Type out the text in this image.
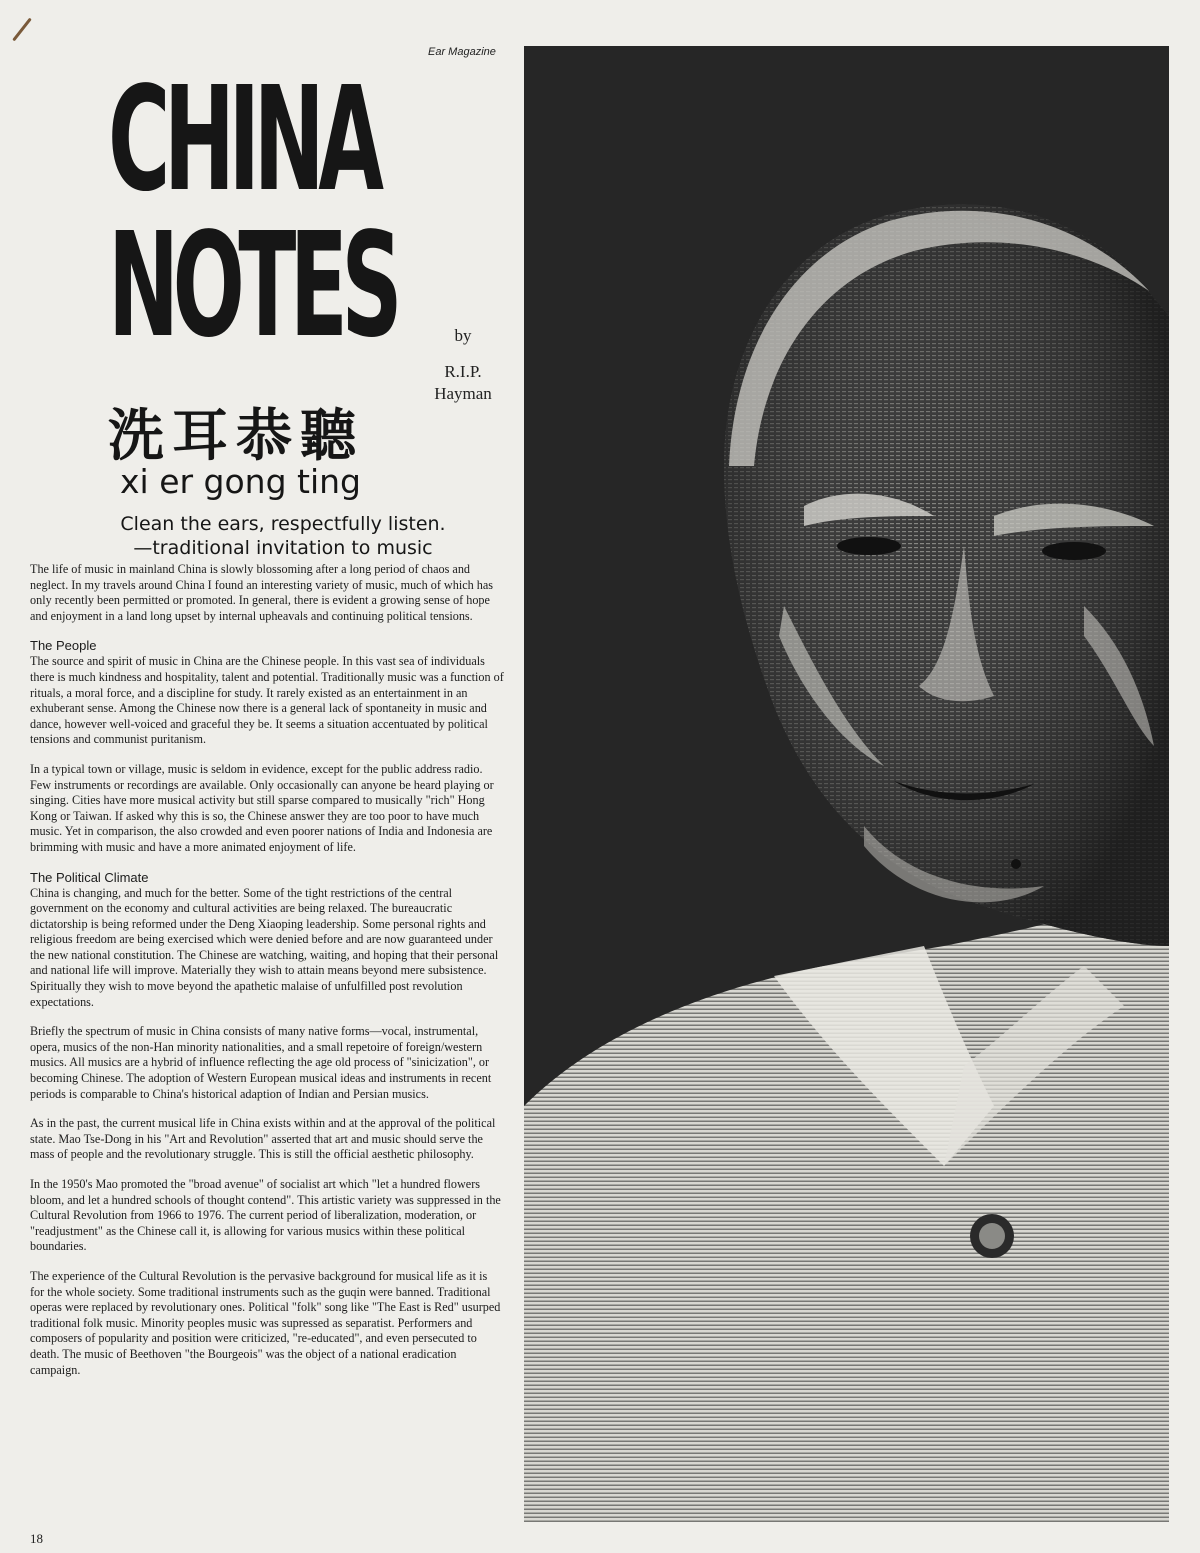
Ear Magazine
CHINA
NOTES	by
R.I.P.
Hayman
洗耳恭聽
xi er gong ting
Clean the ears, respectfully listen.
—traditional invitation to music

The life of music in mainland China is slowly blossoming after a long period of chaos and neglect. In my travels around China I found an interesting variety of music, much of which has only recently been permitted or promoted. In general, there is evident a growing sense of hope and enjoyment in a land long upset by internal upheavals and continuing political tensions.

The People

The source and spirit of music in China are the Chinese people. In this vast sea of individuals there is much kindness and hospitality, talent and potential. Traditionally music was a function of rituals, a moral force, and a discipline for study. It rarely existed as an entertainment in an exhuberant sense. Among the Chinese now there is a general lack of spontaneity in music and dance, however well-voiced and graceful they be. It seems a situation accentuated by political tensions and communist puritanism.

In a typical town or village, music is seldom in evidence, except for the public address radio. Few instruments or recordings are available. Only occasionally can anyone be heard playing or singing. Cities have more musical activity but still sparse compared to musically "rich" Hong Kong or Taiwan. If asked why this is so, the Chinese answer they are too poor to have much music. Yet in comparison, the also crowded and even poorer nations of India and Indonesia are brimming with music and have a more animated enjoyment of life.

The Political Climate

China is changing, and much for the better. Some of the tight restrictions of the central government on the economy and cultural activities are being relaxed. The bureaucratic dictatorship is being reformed under the Deng Xiaoping leadership. Some personal rights and religious freedom are being exercised which were denied before and are now guaranteed under the new national constitution. The Chinese are watching, waiting, and hoping that their personal and national life will improve. Materially they wish to attain means beyond mere subsistence. Spiritually they wish to move beyond the apathetic malaise of unfulfilled post revolution expectations.

Briefly the spectrum of music in China consists of many native forms—vocal, instrumental, opera, musics of the non-Han minority nationalities, and a small repetoire of foreign/western musics. All musics are a hybrid of influence reflecting the age old process of "sinicization", or becoming Chinese. The adoption of Western European musical ideas and instruments in recent periods is comparable to China's historical adaption of Indian and Persian musics.

As in the past, the current musical life in China exists within and at the approval of the political state. Mao Tse-Dong in his "Art and Revolution" asserted that art and music should serve the mass of people and the revolutionary struggle. This is still the official aesthetic philosophy.

In the 1950's Mao promoted the "broad avenue" of socialist art which "let a hundred flowers bloom, and let a hundred schools of thought contend". This artistic variety was suppressed in the Cultural Revolution from 1966 to 1976. The current period of liberalization, moderation, or "readjustment" as the Chinese call it, is allowing for various musics within these political boundaries.

The experience of the Cultural Revolution is the pervasive background for musical life as it is for the whole society. Some traditional instruments such as the guqin were banned. Traditional operas were replaced by revolutionary ones. Political "folk" song like "The East is Red" usurped traditional folk music. Minority peoples music was supressed as separatist. Performers and composers of popularity and position were criticized, "re-educated", and even persecuted to death. The music of Beethoven "the Bourgeois" was the object of a national eradication campaign.

18
